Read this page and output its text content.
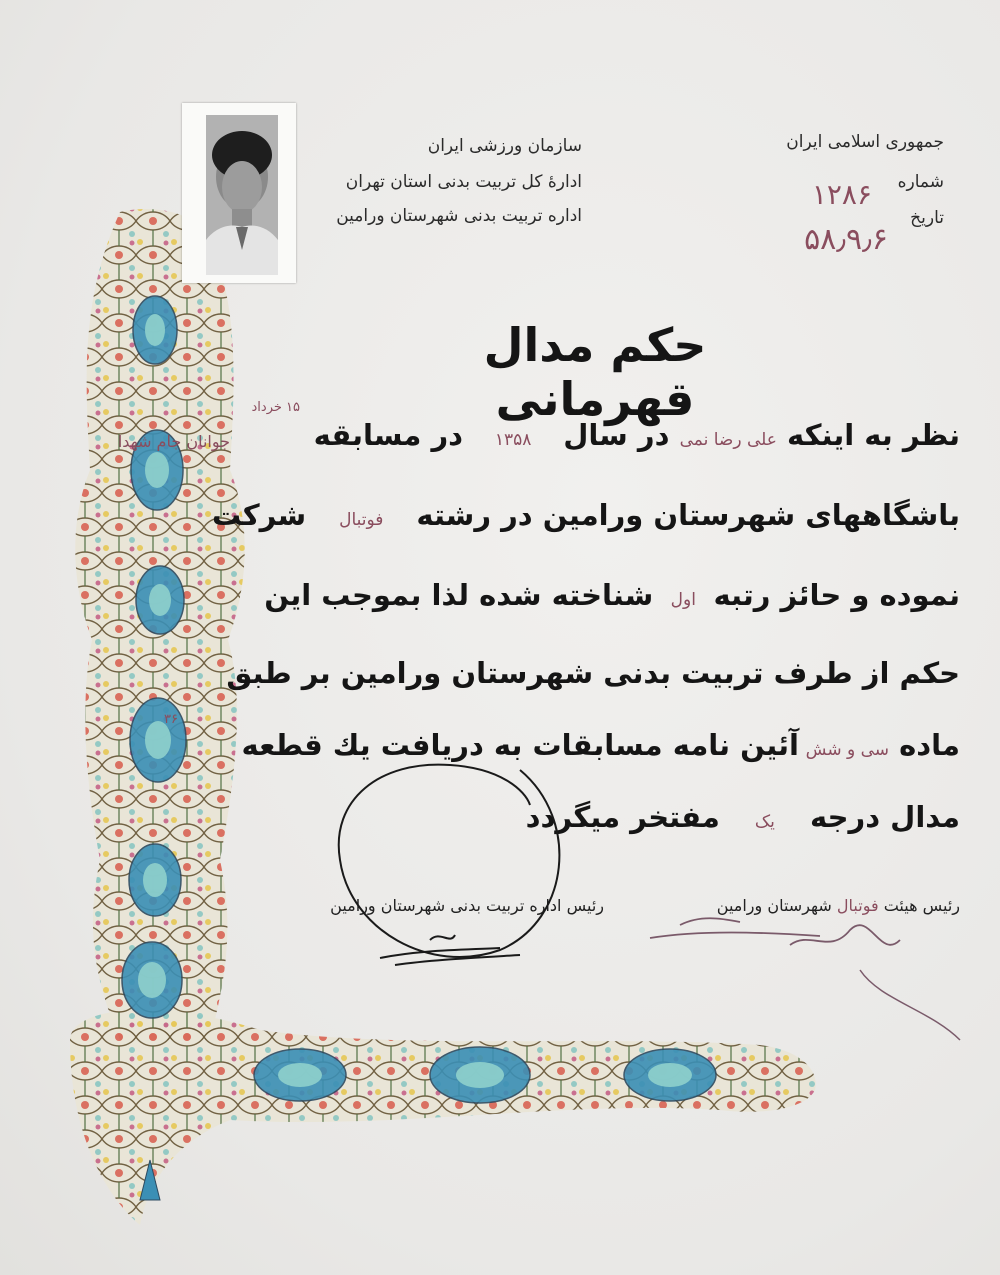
جمهوری اسلامی ایران
شماره
تاریخ
۱۲۸۶
۵۸٫۹٫۶
سازمان ورزشی ایران
ادارهٔ کل تربیت بدنی استان تهران
اداره تربیت بدنی شهرستان ورامین
حکم مدال قهرمانی
نظر به اینکه علی رضا نمی در سال ۱۳۵۸ در مسابقه
۱۵ خرداد
جوانان جام شهدا
باشگاههای شهرستان ورامین در رشته فوتبال شرکت
نموده و حائز رتبه اول شناخته شده لذا بموجب این
حکم از طرف تربیت بدنی شهرستان ورامین بر طبق
ماده سی و شش آئین نامه مسابقات به دریافت یك قطعه
۳۶
مدال درجه یک مفتخر میگردد
رئیس هیئت فوتبال شهرستان ورامین
رئیس اداره تربیت بدنی شهرستان ورامین
